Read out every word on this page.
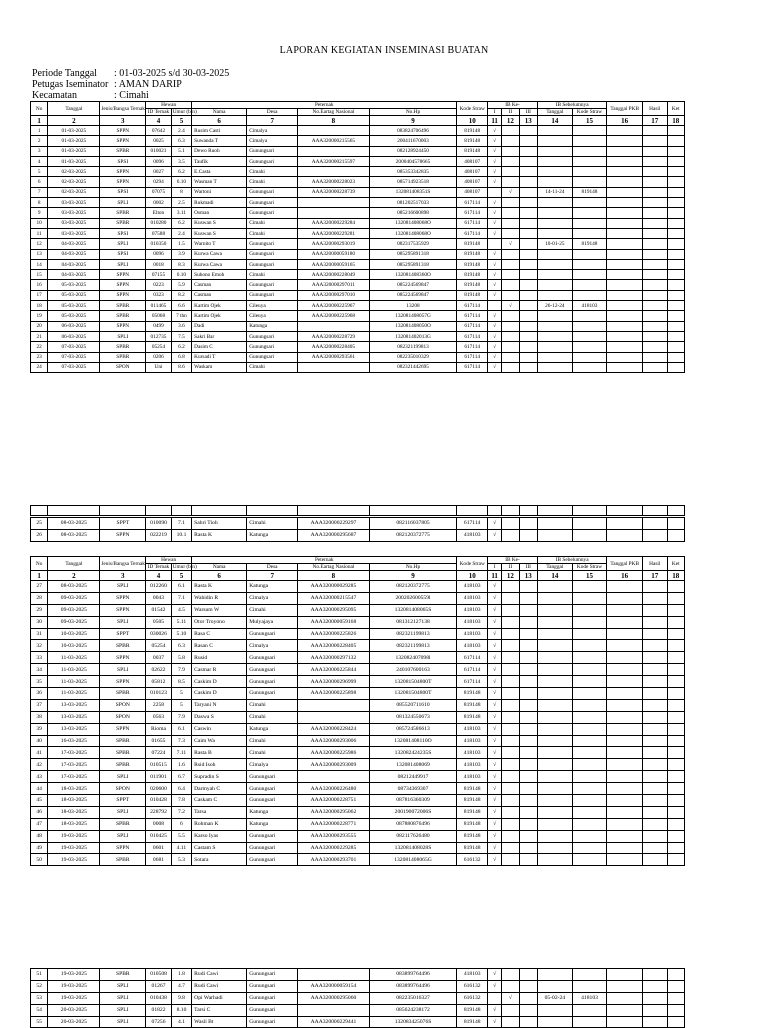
LAPORAN KEGIATAN INSEMINASI BUATAN
Periode Tanggal : 01-03-2025 s/d 30-03-2025
Petugas Iseminator : AMAN DARIP
Kecamatan	: Cimahi
No	Tanggal	Jenis/Bangsa Ternak	Hewan		Peternak				Kode Straw	IB Ke-			IB Sebelumnya		Tanggal PKB	Hasil	Ket
			ID Ternak	Umur (bln)	Nama	Desa	No.Eartag Nasional	No.Hp		I	II	III	Tanggal	Kode Straw			
1	2	3	4	5	6	7	8	9	10	11	12	13	14	15	16	17	18
1	01-03-2025	SPPN	07642	2.4	Rusim Casti	Cimalya		083824706496	819148	√							
2	01-03-2025	SPPN	0025	6.3	Suwanda T	Cimalya	AAA320000215565	200411670003	819148	√							
3	01-03-2025	SPBR	010021	5.1	Dewo Ruoh	Gunungsari		082128924450	819148	√							
4	01-03-2025	SPSI	0096	3.5	Taufik	Gunungsari	AAA320000215597	2000404578665	408107	√							
5	02-03-2025	SPPN	0027	6.2	E.Casta	Cimahi		085353342835	408107	√							
6	02-03-2025	SPPN	0294	6.10	Wasman T	Cimahi	AAA320000228023	085714923518	408107	√							
7	02-03-2025	SPSI	07075	8	Wartoni	Gunungsari	AAA320000228739	132081408351S	408107		√		14-11-24	819148			
8	03-03-2025	SPLI	0002	2.5	Rukmadi	Gunungsari		081202517033	617114	√							
9	03-03-2025	SPBR	Elton	3.11	Osman	Gunungsari		085216600898	617114	√							
10	03-03-2025	SPBR	010280	6.2	Kuswan S	Cimahi	AAA320000229284	132081408068O	617114	√							
11	03-03-2025	SPSI	07588	2.4	Kuswan S	Cimahi	AAA320000229281	132081408068O	617114	√							
12	04-03-2025	SPLI	010350	1.5	Warnito T	Gunungsari	AAA320000293019	082317535929	819148		√		10-01-25	819148			
13	04-03-2025	SPSI	0096	3.9	Kurwa Cawa	Gunungsari	AAA320000059180	085295891318	819148	√							
14	04-03-2025	SPLI	0018	8.3	Kurwa Cawa	Gunungsari	AAA320000059165	085295891318	819148	√							
15	04-03-2025	SPPN	07155	6.10	Suhono Emoh	Cimahi	AAA320000228049	132081408360O	819148	√							
16	05-03-2025	SPPN	0223	5.9	Casman	Gunungsari	AAA320000297011	085224569847	819148	√							
17	05-03-2025	SPPN	0323	8.2	Casman	Gunungsari	AAA320000297010	085224569847	819148	√							
18	05-03-2025	SPBR	011465	6.6	Kartim Ojek	Cileuya	AAA320000225967	13208	617114		√		26-12-24	418103			
19	05-03-2025	SPBR	05068	7 thn	Kartim Ojek	Cileuya	AAA320000225968	132081408057G	617114	√							
20	06-03-2025	SPPN	0499	3.6	Dadi	Katunga		132081408050O	617114	√							
21	06-03-2025	SPLI	012735	7.5	Sakri Bar	Gunungsari	AAA320000228729	132081402013G	617114	√							
22	07-03-2025	SPBR	05254	6.2	Dasim C	Gunungsari	AAA320000228405	082321199813	617114	√							
23	07-03-2025	SPBR	0206	6.8	Kursadi T	Gunungsari	AAA320000293561	082235010329	617114	√							
24	07-03-2025	SPON	Uni	8.6	Waskam	Cimahi		082321442695	617114	√							

25	08-03-2025	SPPT	010090	7.1	Sahri Tioh	Cimahi	AAA320000229297	082116037805	617114	√							
26	08-03-2025	SPPN	022219	10.1	Rasta K	Katunga	AAA320000295687	082120372775	418103	√							
No	Tanggal	Jenis/Bangsa Ternak	Hewan		Peternak				Kode Straw	IB Ke-			IB Sebelumnya		Tanggal PKB	Hasil	Ket
			ID Ternak	Umur (bln)	Nama	Desa	No.Eartag Nasional	No.Hp		I	II	III	Tanggal	Kode Straw			
1	2	3	4	5	6	7	8	9	10	11	12	13	14	15	16	17	18
27	08-03-2025	SPLI	012260	6.1	Rasta K	Katunga	AAA320000029285	082120372775	418103	√							
28	09-03-2025	SPPN	0043	7.1	Wahidin R	Cimalya	AAA320000215547	200202600559l	418103	√							
29	09-03-2025	SPPN	01542	4.5	Warsum W	Cimahi	AAA320000295095	132081408065S	418103	√							
30	09-03-2025	SPLI	0505	5.11	Otor Troyono	Mulyajaya	AAA320000059168	081312127138	418103	√							
31	10-03-2025	SPPT	030026	5.10	Rasa C	Gunungsari	AAA320000225826	082321199813	418103	√							
32	10-03-2025	SPBR	05254	6.3	Rasan C	Cimalya	AAA320000228405	082321199813	418103	√							
33	11-03-2025	SPPN	0037	5.8	Rusid	Gunungsari	AAA320000297132	132082407098l	617114	√							
34	11-03-2025	SPLI	02622	7.9	Casmar R	Gunungsari	AAA320000225844	240107600163	617114	√							
35	11-03-2025	SPPN	05812	8.5	Caskim D	Gunungsari	AAA320000296999	132081504800T	617114	√							
36	11-03-2025	SPBR	010123	5	Caskim D	Gunungsari	AAA320000225898	132081504800T	819148	√							
37	13-03-2025	SPON	2258	5	Taryani N	Cimahi		085520711610	819148	√							
38	13-03-2025	SPON	0563	7.9	Daswa S	Cimahi		081324550673	819148	√							
39	13-03-2025	SPPN	Rioma	6.1	Caswin	Katunga	AAA320000228424	085724586613	418103	√							
40	16-03-2025	SPBR	01655	7.3	Caim Wa	Cimahi	AAA320000293006	132081408110O	418103	√							
41	17-03-2025	SPBR	07224	7.11	Rasta B	Cimahi	AAA320000225986	132082424235S	418103	√							
42	17-03-2025	SPBR	010515	1.6	Rsid Isoh	Cimalya	AAA320000293009	132081408069	418103	√							
43	17-03-2025	SPLI	011901	6.7	Supradin S	Gunungsari		08212449917	418103	√							
44	18-03-2025	SPON	020600	6.4	Darmyah C	Gunungsari	AAA320000226480	08734369307	819148	√							
45	18-03-2025	SPPT	010428	7.8	Caskam C	Gunungsari	AAA320000228751	087816360309	819148	√							
46	18-03-2025	SPLI	228792	7.2	Tarsa	Katunga	AAA320000295062	200190072006S	819148	√							
47	18-03-2025	SPBR	0008	6	Rohman K	Katunga	AAA320000228771	087880876496	819148	√							
48	19-03-2025	SPLI	010425	5.5	Karso Iyas	Gunungsari	AAA320000293555	082117626480	819148	√							
49	19-03-2025	SPPN	0601	4.11	Castam S	Gunungsari	AAA320000229285	132081408028S	819148	√							
50	19-03-2025	SPBR	0681	5.3	Sotara	Gunungsari	AAA320000293701	132081408065G	616132	√							
51	19-03-2025	SPBR	010508	1.8	Rudi Cawi	Gunungsari		083899764496	418103	√							
52	19-03-2025	SPLI	01267	4.7	Rudi Cawi	Gunungsari	AAA320000059154	083899764496	616132	√							
53	19-03-2025	SPLI	010438	9.8	Opi Warhadi	Gunungsari	AAA320000295060	082235016327	616132		√		05-02-24	418103			
54	20-03-2025	SPLI	01822	8.10	Tarsi C	Gunungsari		085624238172	819148	√							
55	20-03-2025	SPLI	07256	4.1	Wasli Bt	Gunungsari	AAA320000229441	132083425076S	819148	√							
